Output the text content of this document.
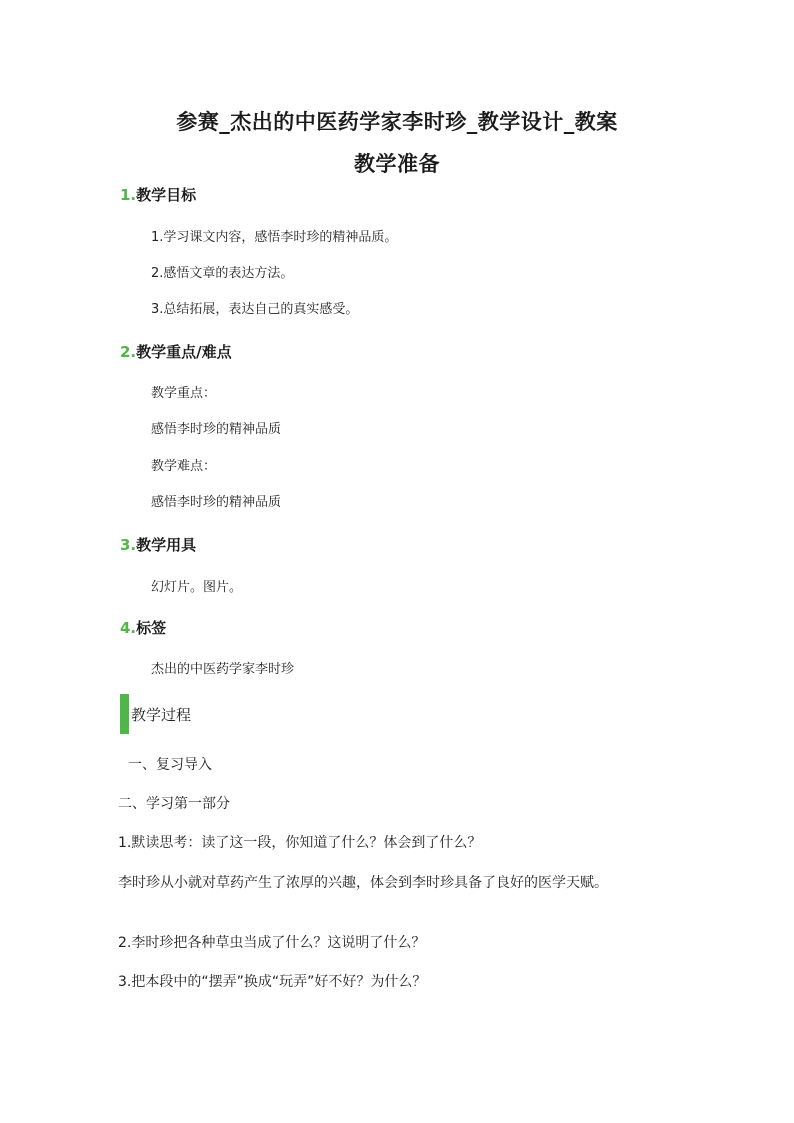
参赛_杰出的中医药学家李时珍_教学设计_教案
教学准备
1.教学目标
1.学习课文内容，感悟李时珍的精神品质。
2.感悟文章的表达方法。
3.总结拓展，表达自己的真实感受。
2.教学重点/难点
教学重点：
感悟李时珍的精神品质
教学难点：
感悟李时珍的精神品质
3.教学用具
幻灯片。图片。
4.标签
杰出的中医药学家李时珍
教学过程
一、复习导入
二、学习第一部分
1.默读思考：读了这一段，你知道了什么？体会到了什么？
李时珍从小就对草药产生了浓厚的兴趣，体会到李时珍具备了良好的医学天赋。
2.李时珍把各种草虫当成了什么？这说明了什么？
3.把本段中的“摆弄”换成“玩弄”好不好？为什么？
